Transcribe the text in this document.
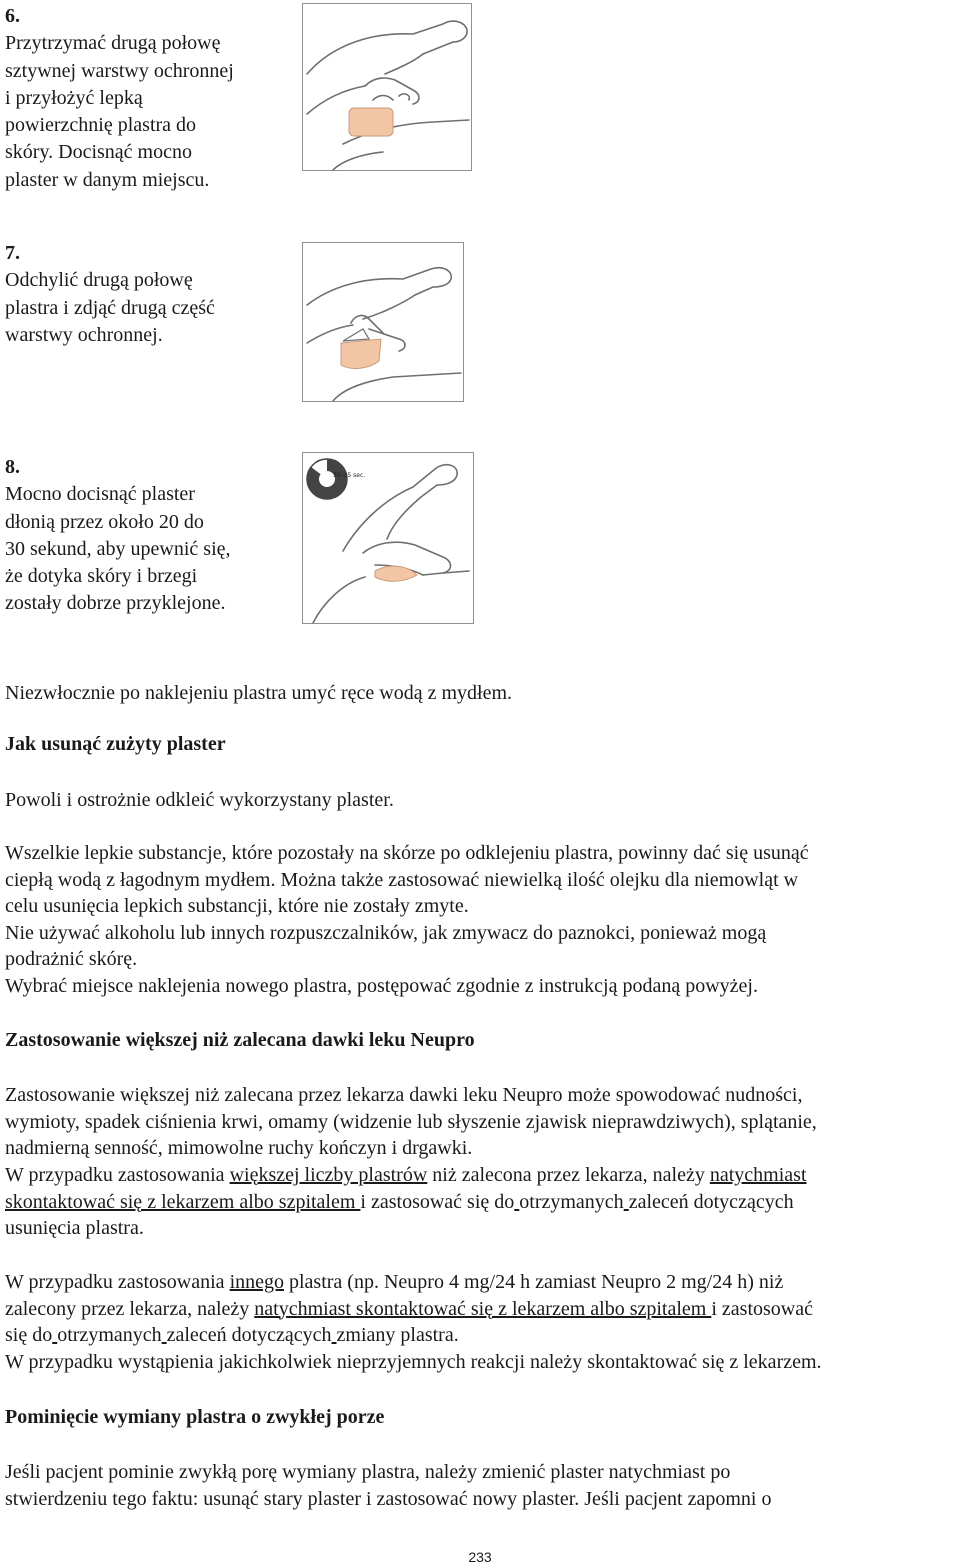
6.
Przytrzymać drugą połowę
sztywnej warstwy ochronnej
i przyłożyć lepką
powierzchnię plastra do
skóry. Docisnąć mocno
plaster w danym miejscu.
7.
Odchylić drugą połowę
plastra i zdjąć drugą część
warstwy ochronnej.
8.
Mocno docisnąć plaster
dłonią przez około 20 do
30 sekund, aby upewnić się,
że dotyka skóry i brzegi
zostały dobrze przyklejone.
30–35 sec.
Niezwłocznie po naklejeniu plastra umyć ręce wodą z mydłem.
Jak usunąć zużyty plaster
Powoli i ostrożnie odkleić wykorzystany plaster.
Wszelkie lepkie substancje, które pozostały na skórze po odklejeniu plastra, powinny dać się usunąć
ciepłą wodą z łagodnym mydłem. Można także zastosować niewielką ilość olejku dla niemowląt w
celu usunięcia lepkich substancji, które nie zostały zmyte.
Nie używać alkoholu lub innych rozpuszczalników, jak zmywacz do paznokci, ponieważ mogą
podrażnić skórę.
Wybrać miejsce naklejenia nowego plastra, postępować zgodnie z instrukcją podaną powyżej.
Zastosowanie większej niż zalecana dawki leku Neupro
Zastosowanie większej niż zalecana przez lekarza dawki leku Neupro może spowodować nudności,
wymioty, spadek ciśnienia krwi, omamy (widzenie lub słyszenie zjawisk nieprawdziwych), splątanie,
nadmierną senność, mimowolne ruchy kończyn i drgawki.
W przypadku zastosowania większej liczby plastrów niż zalecona przez lekarza, należy natychmiast
skontaktować się z lekarzem albo szpitalem i zastosować się do otrzymanych zaleceń dotyczących
usunięcia plastra.
W przypadku zastosowania innego plastra (np. Neupro 4 mg/24 h zamiast Neupro 2 mg/24 h) niż
zalecony przez lekarza, należy natychmiast skontaktować się z lekarzem albo szpitalem i zastosować
się do otrzymanych zaleceń dotyczących zmiany plastra.
W przypadku wystąpienia jakichkolwiek nieprzyjemnych reakcji należy skontaktować się z lekarzem.
Pominięcie wymiany plastra o zwykłej porze
Jeśli pacjent pominie zwykłą porę wymiany plastra, należy zmienić plaster natychmiast po
stwierdzeniu tego faktu: usunąć stary plaster i zastosować nowy plaster. Jeśli pacjent zapomni o
233
